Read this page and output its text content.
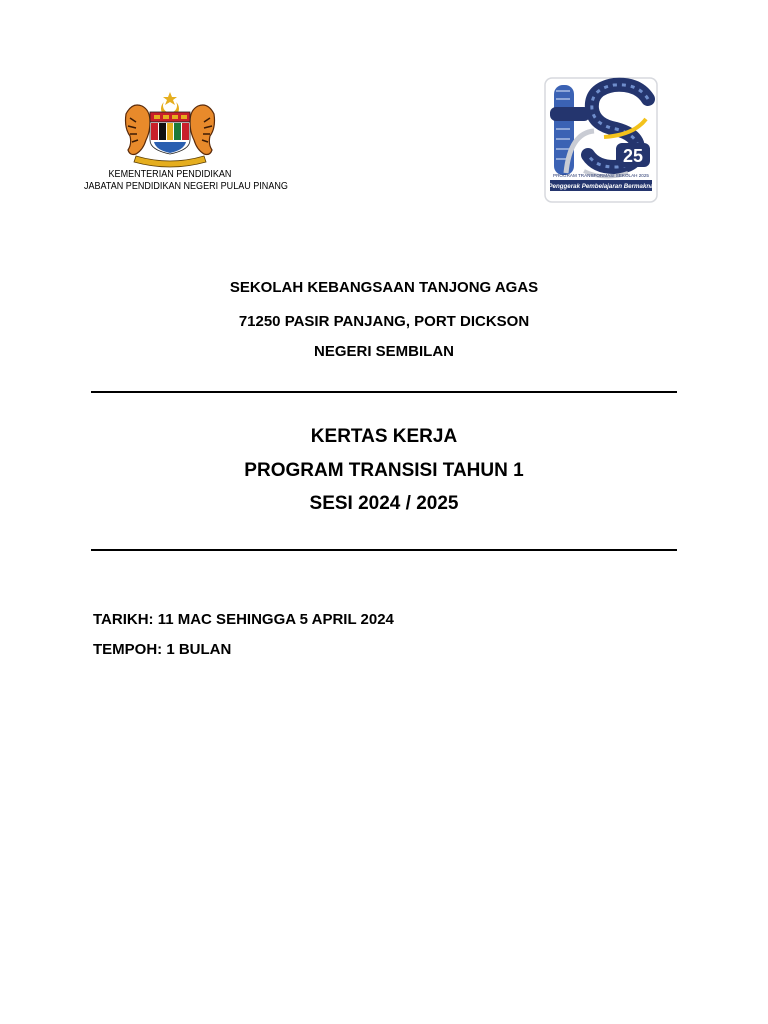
KEMENTERIAN PENDIDIKAN
JABATAN PENDIDIKAN NEGERI PULAU PINANG
25
PROGRAM TRANSFORMASI SEKOLAH 2025
Penggerak Pembelajaran Bermakna
SEKOLAH KEBANGSAAN TANJONG AGAS
71250 PASIR PANJANG, PORT DICKSON
NEGERI SEMBILAN
KERTAS KERJA
PROGRAM TRANSISI TAHUN 1
SESI 2024 / 2025
TARIKH: 11 MAC SEHINGGA 5 APRIL 2024
TEMPOH: 1 BULAN
